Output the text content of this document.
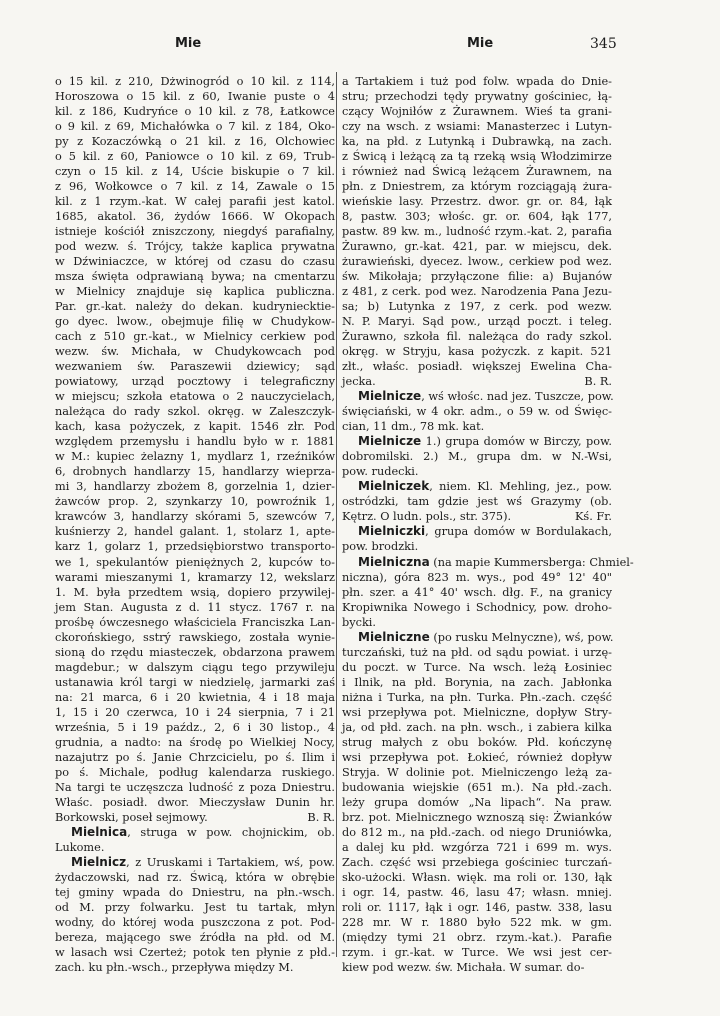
Mie	Mie	345
o 15 kil. z 210, Dżwinogród o 10 kil. z 114,
Horoszowa o 15 kil. z 60, Iwanie puste o 4
kil. z 186, Kudryńce o 10 kil. z 78, Łatkowce
o 9 kil. z 69, Michałówka o 7 kil. z 184, Oko-
py z Kozaczówką o 21 kil. z 16, Olchowiec
o 5 kil. z 60, Paniowce o 10 kil. z 69, Trub-
czyn o 15 kil. z 14, Uście biskupie o 7 kil.
z 96, Wołkowce o 7 kil. z 14, Zawale o 15
kil. z 1 rzym.-kat. W całej parafii jest katol.
1685, akatol. 36, żydów 1666. W Okopach
istnieje kościół zniszczony, niegdyś parafialny,
pod wezw. ś. Trójcy, także kaplica prywatna
w Dźwiniaczce, w której od czasu do czasu
msza święta odprawianą bywa; na cmentarzu
w Mielnicy znajduje się kaplica publiczna.
Par. gr.-kat. należy do dekan. kudryniecktie-
go dyec. lwow., obejmuje filię w Chudykow-
cach z 510 gr.-kat., w Mielnicy cerkiew pod
wezw. św. Michała, w Chudykowcach pod
wezwaniem św. Paraszewii dziewicy; sąd
powiatowy, urząd pocztowy i telegraficzny
w miejscu; szkoła etatowa o 2 nauczycielach,
należąca do rady szkol. okręg. w Zaleszczyk-
kach, kasa pożyczek, z kapit. 1546 złr. Pod
względem przemysłu i handlu było w r. 1881
w M.: kupiec żelazny 1, mydlarz 1, rzeźników
6, drobnych handlarzy 15, handlarzy wieprza-
mi 3, handlarzy zbożem 8, gorzelnia 1, dzier-
żawców prop. 2, szynkarzy 10, powroźnik 1,
krawców 3, handlarzy skórami 5, szewców 7,
kuśnierzy 2, handel galant. 1, stolarz 1, apte-
karz 1, golarz 1, przedsiębiorstwo transporto-
we 1, spekulantów pieniężnych 2, kupców to-
warami mieszanymi 1, kramarzy 12, wekslarz
1. M. była przedtem wsią, dopiero przywilej-
jem Stan. Augusta z d. 11 stycz. 1767 r. na
prośbę ówczesnego właściciela Franciszka Lan-
ckorońskiego, sstrý rawskiego, została wynie-
sioną do rzędu miasteczek, obdarzona prawem
magdebur.; w dalszym ciągu tego przywileju
ustanawia król targi w niedzielę, jarmarki zaś
na: 21 marca, 6 i 20 kwietnia, 4 i 18 maja
1, 15 i 20 czerwca, 10 i 24 sierpnia, 7 i 21
września, 5 i 19 paźdz., 2, 6 i 30 listop., 4
grudnia, a nadto: na środę po Wielkiej Nocy,
nazajutrz po ś. Janie Chrzcicielu, po ś. Ilim i
po ś. Michale, podług kalendarza ruskiego.
Na targi te uczęszcza ludność z poza Dniestru.
Właśc. posiadł. dwor. Mieczysław Dunin hr.
Borkowski, poseł sejmowy.	B. R.
Mielnica, struga w pow. chojnickim, ob.
Lukome.
Mielnicz, z Uruskami i Tartakiem, wś, pow.
żydaczowski, nad rz. Świcą, która w obrębie
tej gminy wpada do Dniestru, na płn.-wsch.
od M. przy folwarku. Jest tu tartak, młyn
wodny, do której woda puszczona z pot. Pod-
bereza, mającego swe źródła na płd. od M.
w lasach wsi Czerteż; potok ten płynie z płd.-
zach. ku płn.-wsch., przepływa między M.
a Tartakiem i tuż pod folw. wpada do Dnie-
stru; przechodzi tędy prywatny gościniec, łą-
czący Wojniłów z Żurawnem. Wieś ta grani-
czy na wsch. z wsiami: Manasterzec i Lutyn-
ka, na płd. z Lutynką i Dubrawką, na zach.
z Świcą i leżącą za tą rzeką wsią Włodzimirze
i również nad Świcą leżącem Żurawnem, na
płn. z Dniestrem, za którym rozciągają żura-
wieńskie lasy. Przestrz. dwor. gr. or. 84, łąk
8, pastw. 303; włośc. gr. or. 604, łąk 177,
pastw. 89 kw. m., ludność rzym.-kat. 2, parafia
Żurawno, gr.-kat. 421, par. w miejscu, dek.
żurawieński, dyecez. lwow., cerkiew pod wez.
św. Mikołaja; przyłączone filie: a) Bujanów
z 481, z cerk. pod wez. Narodzenia Pana Jezu-
sa; b) Lutynka z 197, z cerk. pod wezw.
N. P. Maryi. Sąd pow., urząd poczt. i teleg.
Żurawno, szkoła fil. należąca do rady szkol.
okręg. w Stryju, kasa pożyczk. z kapit. 521
złt., właśc. posiadł. większej Ewelina Cha-
jecka.	B. R.
Mielnicze, wś włośc. nad jez. Tuszcze, pow.
święciański, w 4 okr. adm., o 59 w. od Święc-
cian, 11 dm., 78 mk. kat.
Mielnicze 1.) grupa domów w Birczy, pow.
dobromilski. 2.) M., grupa dm. w N.-Wsi,
pow. rudecki.
Mielniczek, niem. Kl. Mehling, jez., pow.
ostródzki, tam gdzie jest wś Grazymy (ob.
Kętrz. O ludn. pols., str. 375).	Kś. Fr.
Mielniczki, grupa domów w Bordulakach,
pow. brodzki.
Mielniczna (na mapie Kummersberga: Chmiel-
niczna), góra 823 m. wys., pod 49° 12' 40"
płn. szer. a 41° 40' wsch. dłg. F., na granicy
Kropiwnika Nowego i Schodnicy, pow. droho-
bycki.
Mielniczne (po rusku Melnyczne), wś, pow.
turczański, tuż na płd. od sądu powiat. i urzę-
du poczt. w Turce. Na wsch. leżą Łosiniec
i Ilnik, na płd. Borynia, na zach. Jabłonka
niżna i Turka, na płn. Turka. Płn.-zach. część
wsi przepływa pot. Mielniczne, dopływ Stry-
ja, od płd. zach. na płn. wsch., i zabiera kilka
strug małych z obu boków. Płd. kończynę
wsi przepływa pot. Łokieć, również dopływ
Stryja. W dolinie pot. Mielniczengo leżą za-
budowania wiejskie (651 m.). Na płd.-zach.
leży grupa domów „Na lipach“. Na praw.
brz. pot. Mielnicznego wznoszą się: Żwianków
do 812 m., na płd.-zach. od niego Druniówka,
a dalej ku płd. wzgórza 721 i 699 m. wys.
Zach. część wsi przebiega gościniec turczań-
sko-użocki. Własn. więk. ma roli or. 130, łąk
i ogr. 14, pastw. 46, lasu 47; własn. mniej.
roli or. 1117, łąk i ogr. 146, pastw. 338, lasu
228 mr. W r. 1880 było 522 mk. w gm.
(między tymi 21 obrz. rzym.-kat.). Parafie
rzym. i gr.-kat. w Turce. We wsi jest cer-
kiew pod wezw. św. Michała. W sumar. do-
